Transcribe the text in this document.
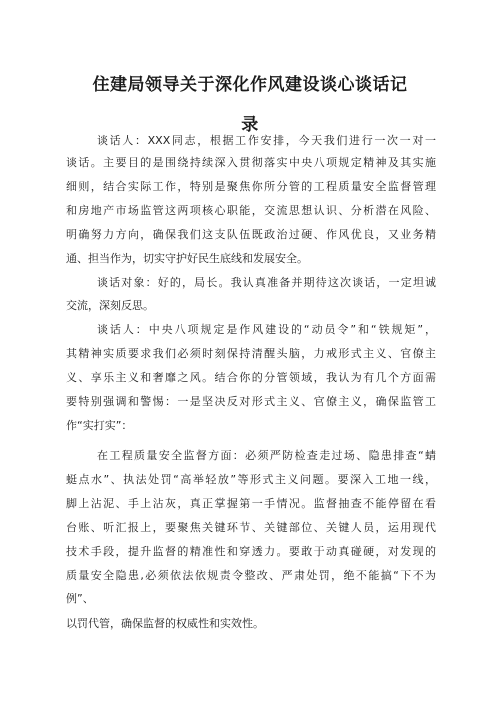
住建局领导关于深化作风建设谈心谈话记
录
谈话人：XXX同志，根据工作安排，今天我们进行一次一对一
谈话。主要目的是围绕持续深入贯彻落实中央八项规定精神及其实施
细则，结合实际工作，特别是聚焦你所分管的工程质量安全监督管理
和房地产市场监管这两项核心职能，交流思想认识、分析潜在风险、
明确努力方向，确保我们这支队伍既政治过硬、作风优良，又业务精
通、担当作为，切实守护好民生底线和发展安全。
谈话对象：好的，局长。我认真准备并期待这次谈话，一定坦诚
交流，深刻反思。
谈话人：中央八项规定是作风建设的“动员令”和“铁规矩”，
其精神实质要求我们必须时刻保持清醒头脑，力戒形式主义、官僚主
义、享乐主义和奢靡之风。结合你的分管领域，我认为有几个方面需
要特别强调和警惕：一是坚决反对形式主义、官僚主义，确保监管工
作“实打实”：
在工程质量安全监督方面：必须严防检查走过场、隐患排查“蜻
蜓点水”、执法处罚“高举轻放”等形式主义问题。要深入工地一线，
脚上沾泥、手上沾灰，真正掌握第一手情况。监督抽查不能停留在看
台账、听汇报上，要聚焦关键环节、关键部位、关键人员，运用现代
技术手段，提升监督的精准性和穿透力。要敢于动真碰硬，对发现的
质量安全隐患,必须依法依规责令整改、严肃处罚，绝不能搞“下不为
例”、
以罚代管，确保监督的权威性和实效性。
